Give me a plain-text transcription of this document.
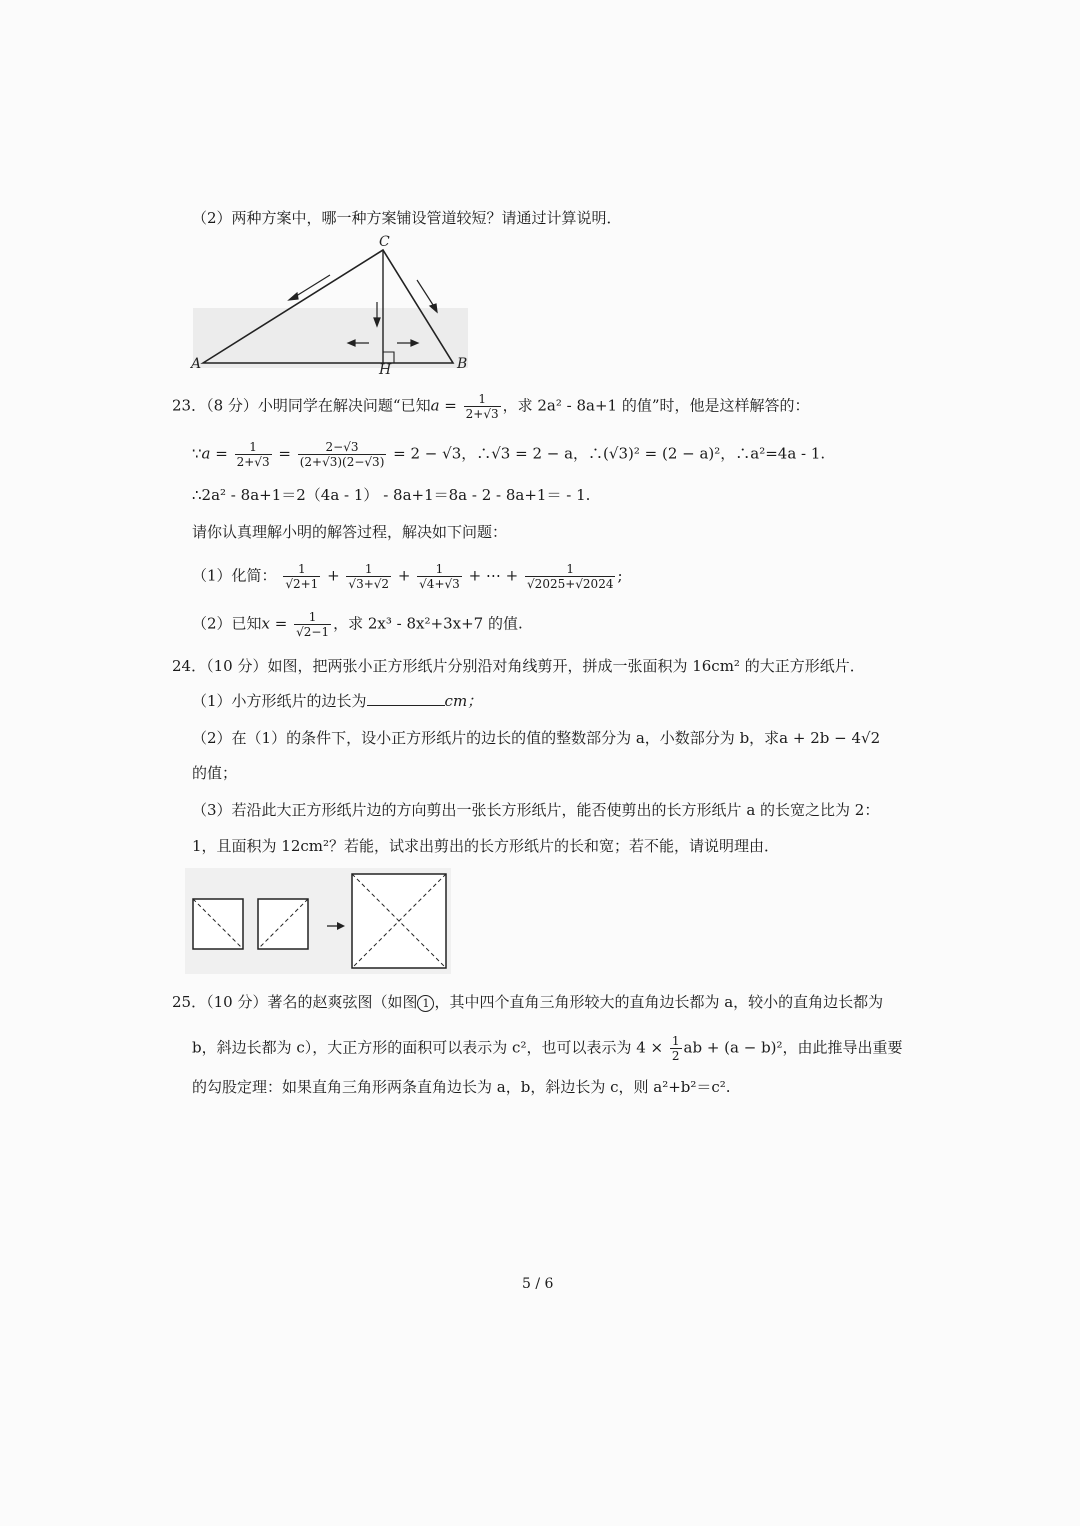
（2）两种方案中，哪一种方案铺设管道较短？请通过计算说明．
C
A	B
H
23．（8 分）小明同学在解决问题“已知$a = \frac{1}{2+√3}$ ，求 2a² - 8a+1 的值”时，他是这样解答的：
∵a = $\frac{1}{2+√3} = \frac{2-√3}{(2+√3)(2-√3)} = 2 - √3$，∴√3 = 2 − a，∴(√3)² = (2 − a)²，∴a²=4a - 1.
∴2a² - 8a+1＝2（4a - 1） - 8a+1＝8a - 2 - 8a+1＝ - 1.
请你认真理解小明的解答过程，解决如下问题：
（1）化简： $\frac{1}{√2+1} + \frac{1}{√3+√2} + \frac{1}{√4+√3}$ + ⋯ + $\frac{1}{√2025+√2024}$ ;
（2）已知$x = \frac{1}{√2-1}$ ，求 2x³ - 8x²+3x+7 的值.
24．（10 分）如图，把两张小正方形纸片分别沿对角线剪开，拼成一张面积为 16cm² 的大正方形纸片．
（1）小方形纸片的边长为	cm；
（2）在（1）的条件下，设小正方形纸片的边长的值的整数部分为 a，小数部分为 b，求a + 2b − 4√2
的值；
（3）若沿此大正方形纸片边的方向剪出一张长方形纸片，能否使剪出的长方形纸片 a 的长宽之比为 2：
1，且面积为 12cm²？若能，试求出剪出的长方形纸片的长和宽；若不能，请说明理由．
25．（10 分）著名的赵爽弦图（如图 1 ，其中四个直角三角形较大的直角边长都为 a，较小的直角边长都为
b，斜边长都为 c），大正方形的面积可以表示为 c²，也可以表示为 $4 \times \frac{1}{2}$ ab + (a − b)²，由此推导出重要
的勾股定理：如果直角三角形两条直角边长为 a，b，斜边长为 c，则 a²+b²＝c².
5 / 6
